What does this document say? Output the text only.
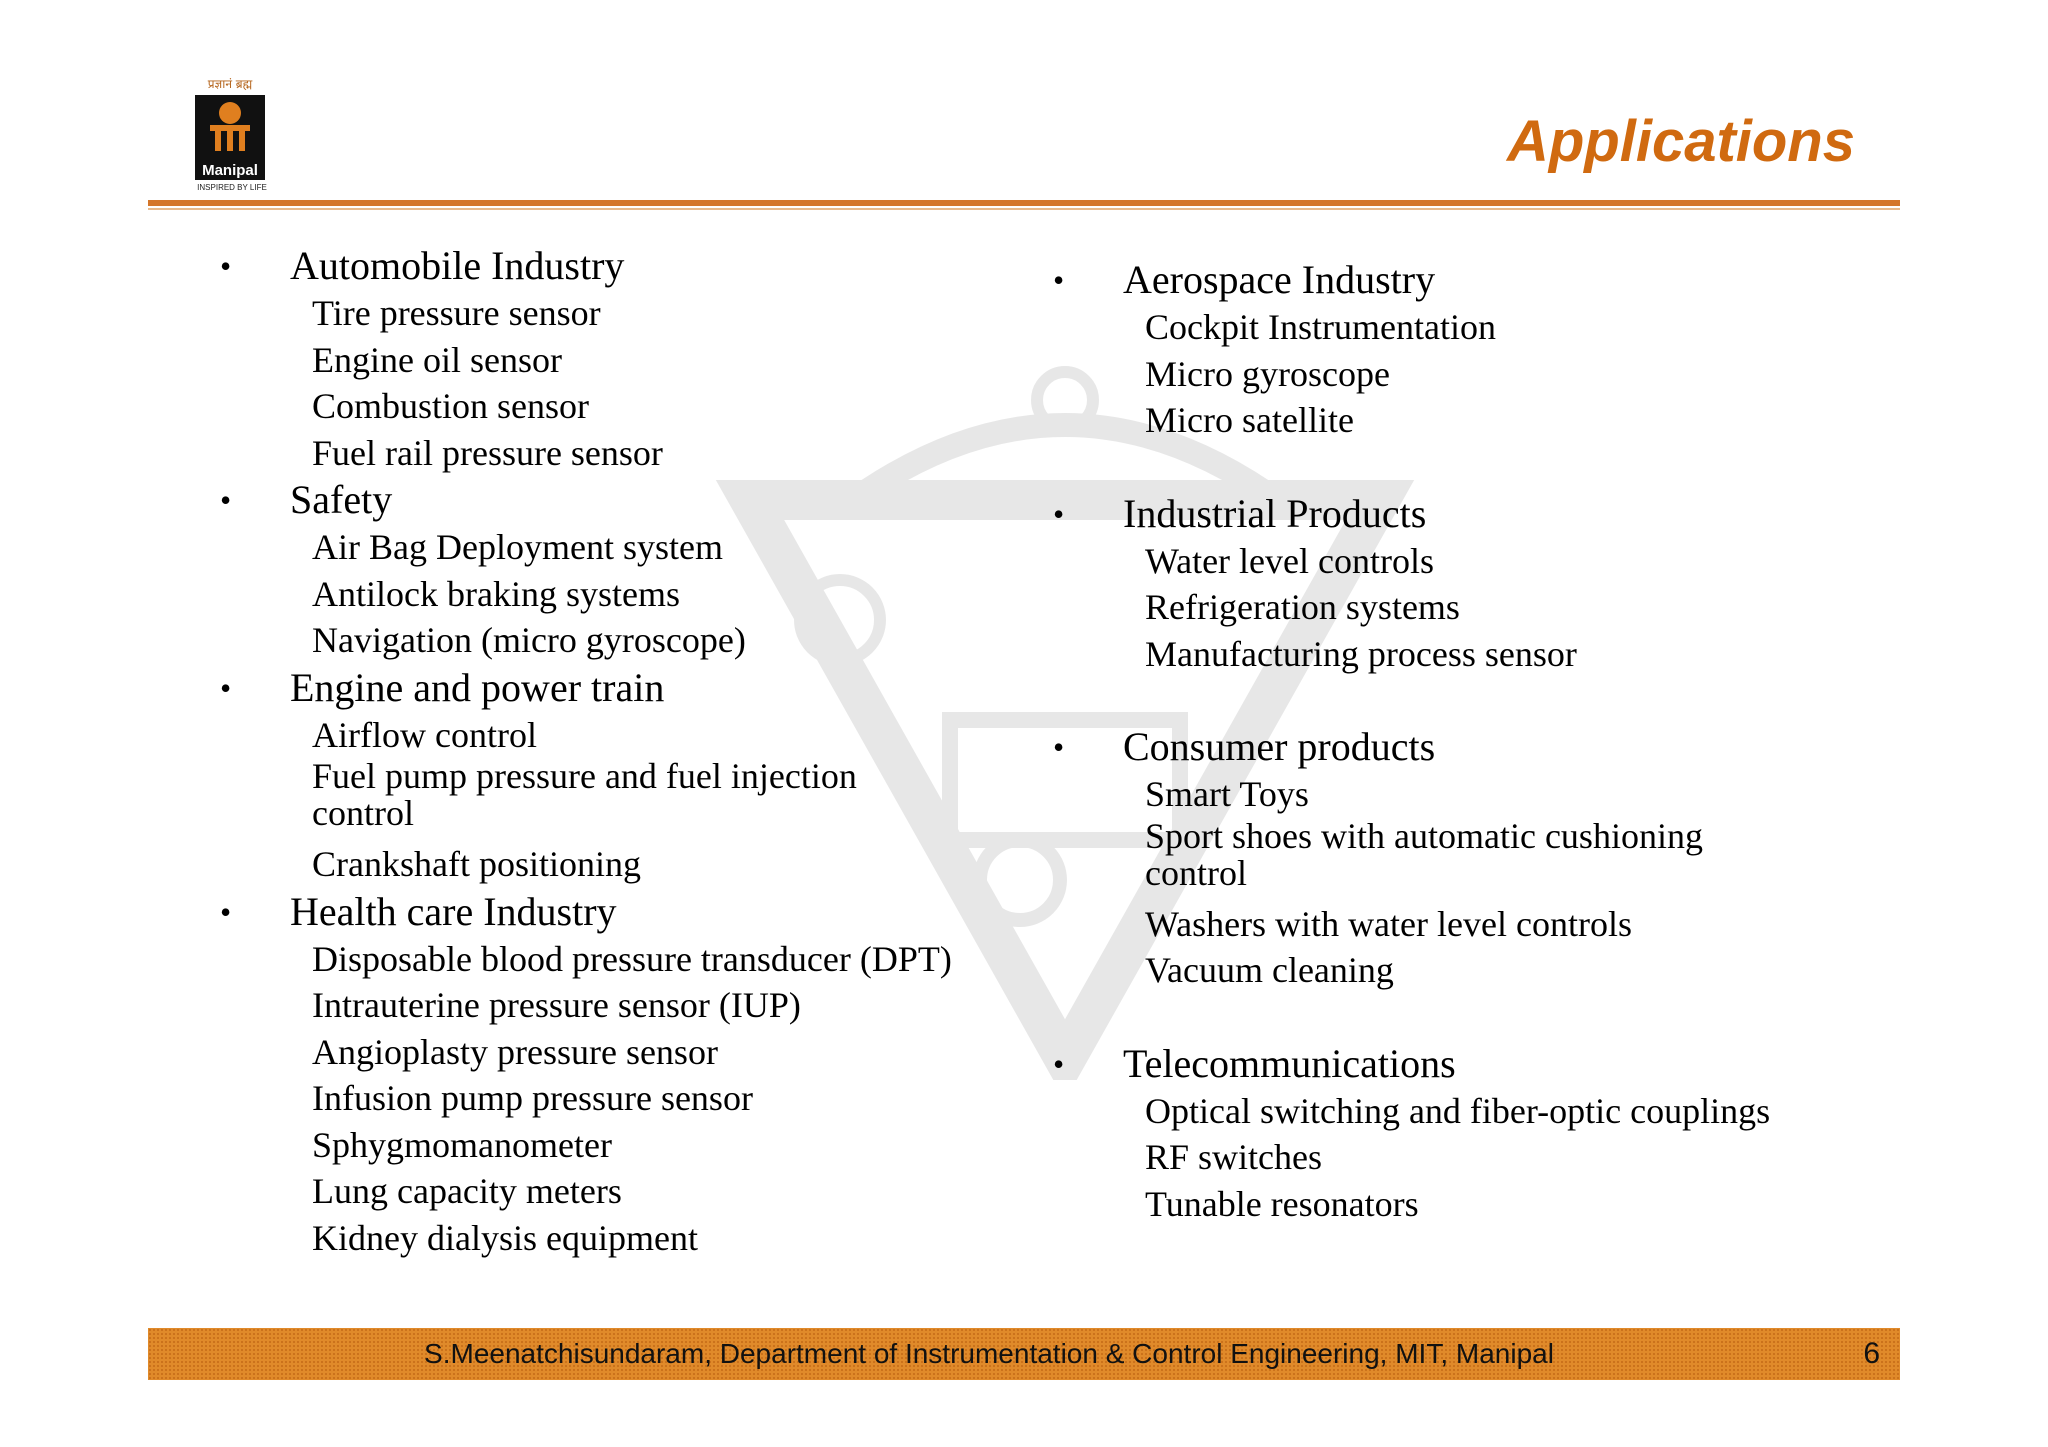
प्रज्ञानं ब्रह्म
Manipal
INSPIRED BY LIFE
Applications
• Automobile Industry
Tire pressure sensor
Engine oil sensor
Combustion sensor
Fuel rail pressure sensor
• Safety
Air Bag Deployment system
Antilock braking systems
Navigation (micro gyroscope)
• Engine and power train
Airflow control
Fuel pump pressure and fuel injection control
Crankshaft positioning
• Health care Industry
Disposable blood pressure transducer (DPT)
Intrauterine pressure sensor (IUP)
Angioplasty pressure sensor
Infusion pump pressure sensor
Sphygmomanometer
Lung capacity meters
Kidney dialysis equipment
• Aerospace Industry
Cockpit Instrumentation
Micro gyroscope
Micro satellite
• Industrial Products
Water level controls
Refrigeration systems
Manufacturing process sensor
• Consumer products
Smart Toys
Sport shoes with automatic cushioning control
Washers with water level controls
Vacuum cleaning
• Telecommunications
Optical switching and fiber-optic couplings
RF switches
Tunable resonators
S.Meenatchisundaram, Department of Instrumentation & Control Engineering, MIT, Manipal	6
